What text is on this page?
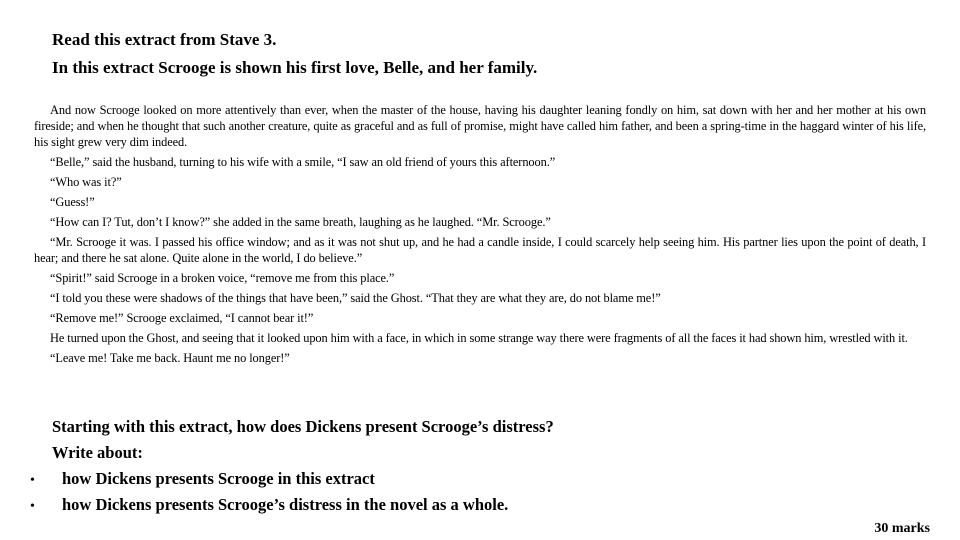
Read this extract from Stave 3.
In this extract Scrooge is shown his first love, Belle, and her family.

And now Scrooge looked on more attentively than ever, when the master of the house, having his daughter leaning fondly on him, sat down with her and her mother at his own fireside; and when he thought that such another creature, quite as graceful and as full of promise, might have called him father, and been a spring-time in the haggard winter of his life, his sight grew very dim indeed.

“Belle,” said the husband, turning to his wife with a smile, “I saw an old friend of yours this afternoon.”

“Who was it?”

“Guess!”

“How can I? Tut, don’t I know?” she added in the same breath, laughing as he laughed. “Mr. Scrooge.”

“Mr. Scrooge it was. I passed his office window; and as it was not shut up, and he had a candle inside, I could scarcely help seeing him. His partner lies upon the point of death, I hear; and there he sat alone. Quite alone in the world, I do believe.”

“Spirit!” said Scrooge in a broken voice, “remove me from this place.”

“I told you these were shadows of the things that have been,” said the Ghost. “That they are what they are, do not blame me!”

“Remove me!” Scrooge exclaimed, “I cannot bear it!”

He turned upon the Ghost, and seeing that it looked upon him with a face, in which in some strange way there were fragments of all the faces it had shown him, wrestled with it.

“Leave me! Take me back. Haunt me no longer!”

Starting with this extract, how does Dickens present Scrooge’s distress?
Write about:
• how Dickens presents Scrooge in this extract
• how Dickens presents Scrooge’s distress in the novel as a whole.
30 marks
